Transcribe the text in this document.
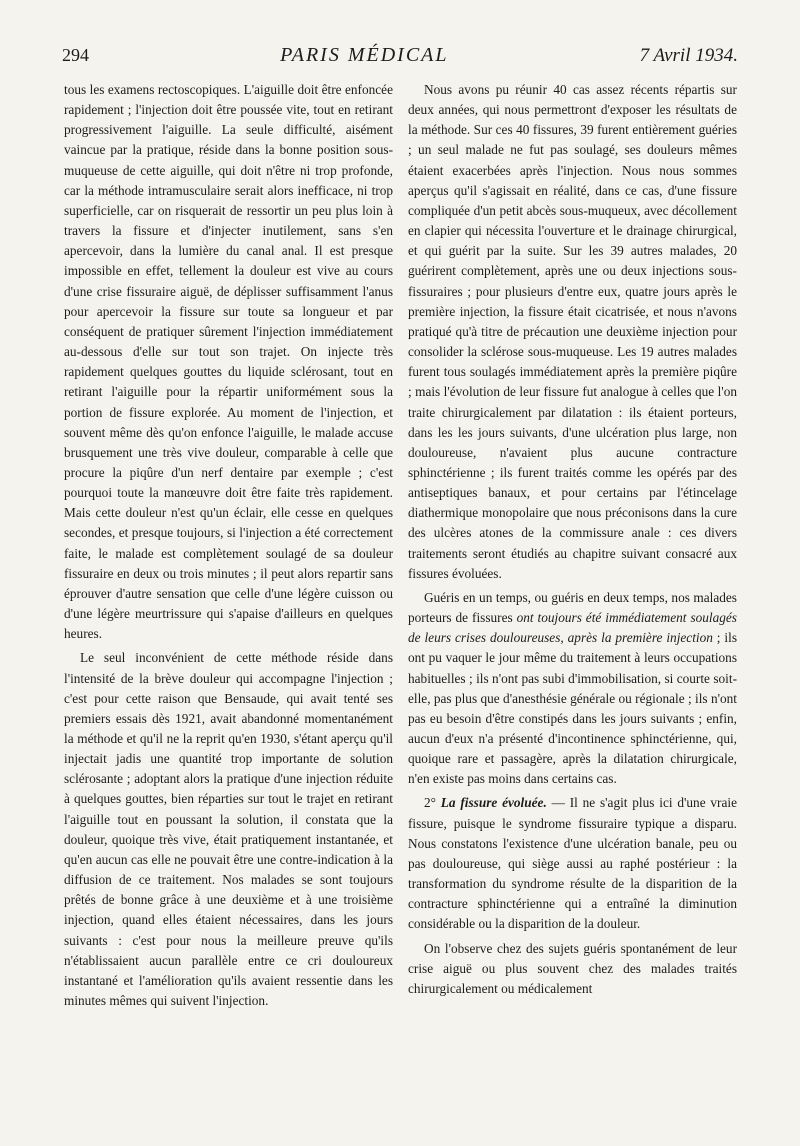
294	PARIS MÉDICAL	7 Avril 1934.

tous les examens rectoscopiques. L'aiguille doit être enfoncée rapidement ; l'injection doit être poussée vite, tout en retirant progressivement l'aiguille. La seule difficulté, aisément vaincue par la pratique, réside dans la bonne position sous-muqueuse de cette aiguille, qui doit n'être ni trop profonde, car la méthode intramusculaire serait alors inefficace, ni trop superficielle, car on risquerait de ressortir un peu plus loin à travers la fissure et d'injecter inutilement, sans s'en apercevoir, dans la lumière du canal anal. Il est presque impossible en effet, tellement la douleur est vive au cours d'une crise fissuraire aiguë, de déplisser suffisamment l'anus pour apercevoir la fissure sur toute sa longueur et par conséquent de pratiquer sûrement l'injection immédiatement au-dessous d'elle sur tout son trajet. On injecte très rapidement quelques gouttes du liquide sclérosant, tout en retirant l'aiguille pour la répartir uniformément sous la portion de fissure explorée. Au moment de l'injection, et souvent même dès qu'on enfonce l'aiguille, le malade accuse brusquement une très vive douleur, comparable à celle que procure la piqûre d'un nerf dentaire par exemple ; c'est pourquoi toute la manœuvre doit être faite très rapidement. Mais cette douleur n'est qu'un éclair, elle cesse en quelques secondes, et presque toujours, si l'injection a été correctement faite, le malade est complètement soulagé de sa douleur fissuraire en deux ou trois minutes ; il peut alors repartir sans éprouver d'autre sensation que celle d'une légère cuisson ou d'une légère meurtrissure qui s'apaise d'ailleurs en quelques heures.

Le seul inconvénient de cette méthode réside dans l'intensité de la brève douleur qui accompagne l'injection ; c'est pour cette raison que Bensaude, qui avait tenté ses premiers essais dès 1921, avait abandonné momentanément la méthode et qu'il ne la reprit qu'en 1930, s'étant aperçu qu'il injectait jadis une quantité trop importante de solution sclérosante ; adoptant alors la pratique d'une injection réduite à quelques gouttes, bien réparties sur tout le trajet en retirant l'aiguille tout en poussant la solution, il constata que la douleur, quoique très vive, était pratiquement instantanée, et qu'en aucun cas elle ne pouvait être une contre-indication à la diffusion de ce traitement. Nos malades se sont toujours prêtés de bonne grâce à une deuxième et à une troisième injection, quand elles étaient nécessaires, dans les jours suivants : c'est pour nous la meilleure preuve qu'ils n'établissaient aucun parallèle entre ce cri douloureux instantané et l'amélioration qu'ils avaient ressentie dans les minutes mêmes qui suivent l'injection.

Nous avons pu réunir 40 cas assez récents répartis sur deux années, qui nous permettront d'exposer les résultats de la méthode. Sur ces 40 fissures, 39 furent entièrement guéries ; un seul malade ne fut pas soulagé, ses douleurs mêmes étaient exacerbées après l'injection. Nous nous sommes aperçus qu'il s'agissait en réalité, dans ce cas, d'une fissure compliquée d'un petit abcès sous-muqueux, avec décollement en clapier qui nécessita l'ouverture et le drainage chirurgical, et qui guérit par la suite. Sur les 39 autres malades, 20 guérirent complètement, après une ou deux injections sous-fissuraires ; pour plusieurs d'entre eux, quatre jours après le première injection, la fissure était cicatrisée, et nous n'avons pratiqué qu'à titre de précaution une deuxième injection pour consolider la sclérose sous-muqueuse. Les 19 autres malades furent tous soulagés immédiatement après la première piqûre ; mais l'évolution de leur fissure fut analogue à celles que l'on traite chirurgicalement par dilatation : ils étaient porteurs, dans les les jours suivants, d'une ulcération plus large, non douloureuse, n'avaient plus aucune contracture sphinctérienne ; ils furent traités comme les opérés par des antiseptiques banaux, et pour certains par l'étincelage diathermique monopolaire que nous préconisons dans la cure des ulcères atones de la commissure anale : ces divers traitements seront étudiés au chapitre suivant consacré aux fissures évoluées.

Guéris en un temps, ou guéris en deux temps, nos malades porteurs de fissures ont toujours été immédiatement soulagés de leurs crises douloureuses, après la première injection ; ils ont pu vaquer le jour même du traitement à leurs occupations habituelles ; ils n'ont pas subi d'immobilisation, si courte soit-elle, pas plus que d'anesthésie générale ou régionale ; ils n'ont pas eu besoin d'être constipés dans les jours suivants ; enfin, aucun d'eux n'a présenté d'incontinence sphinctérienne, qui, quoique rare et passagère, après la dilatation chirurgicale, n'en existe pas moins dans certains cas.

2° La fissure évoluée. — Il ne s'agit plus ici d'une vraie fissure, puisque le syndrome fissuraire typique a disparu. Nous constatons l'existence d'une ulcération banale, peu ou pas douloureuse, qui siège aussi au raphé postérieur : la transformation du syndrome résulte de la disparition de la contracture sphinctérienne qui a entraîné la diminution considérable ou la disparition de la douleur.

On l'observe chez des sujets guéris spontanément de leur crise aiguë ou plus souvent chez des malades traités chirurgicalement ou médicalement
